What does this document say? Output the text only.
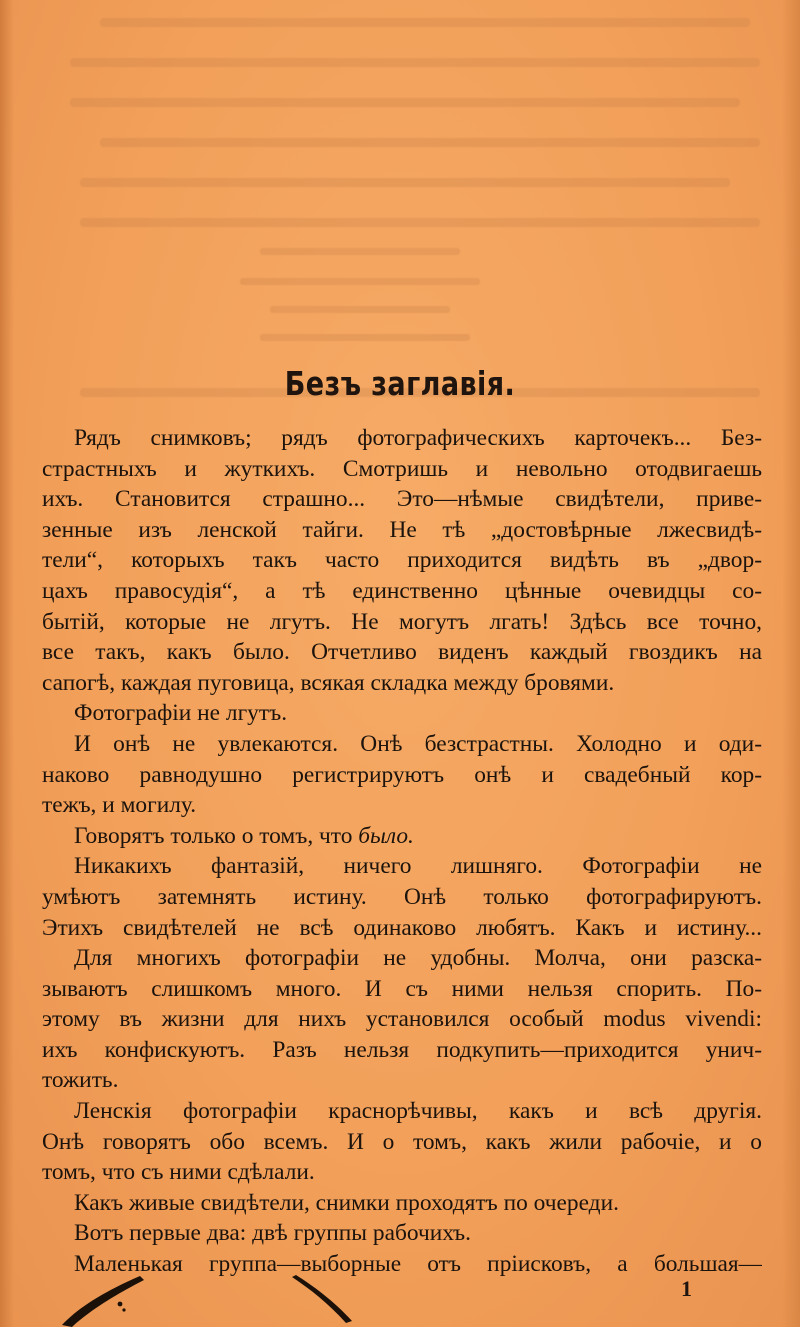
Безъ заглавія.
Рядъ снимковъ; рядъ фотографическихъ карточекъ... Без-
страстныхъ и жуткихъ. Смотришь и невольно отодвигаешь
ихъ. Становится страшно... Это—нѣмые свидѣтели, приве-
зенные изъ ленской тайги. Не тѣ „достовѣрные лжесвидѣ-
тели“, которыхъ такъ часто приходится видѣть въ „двор-
цахъ правосудія“, а тѣ единственно цѣнные очевидцы со-
бытій, которые не лгутъ. Не могутъ лгать! Здѣсь все точно,
все такъ, какъ было. Отчетливо виденъ каждый гвоздикъ на
сапогѣ, каждая пуговица, всякая складка между бровями.
Фотографіи не лгутъ.
И онѣ не увлекаются. Онѣ безстрастны. Холодно и оди-
наково равнодушно регистрируютъ онѣ и свадебный кор-
тежъ, и могилу.
Говорятъ только о томъ, что было.
Никакихъ фантазій, ничего лишняго. Фотографіи не
умѣютъ затемнять истину. Онѣ только фотографируютъ.
Этихъ свидѣтелей не всѣ одинаково любятъ. Какъ и истину...
Для многихъ фотографіи не удобны. Молча, они разска-
зываютъ слишкомъ много. И съ ними нельзя спорить. По-
этому въ жизни для нихъ установился особый modus vivendi:
ихъ конфискуютъ. Разъ нельзя подкупить—приходится унич-
тожить.
Ленскія фотографіи краснорѣчивы, какъ и всѣ другія.
Онѣ говорятъ обо всемъ. И о томъ, какъ жили рабочіе, и о
томъ, что съ ними сдѣлали.
Какъ живые свидѣтели, снимки проходятъ по очереди.
Вотъ первые два: двѣ группы рабочихъ.
Маленькая группа—выборные отъ пріисковъ, а большая—
1
